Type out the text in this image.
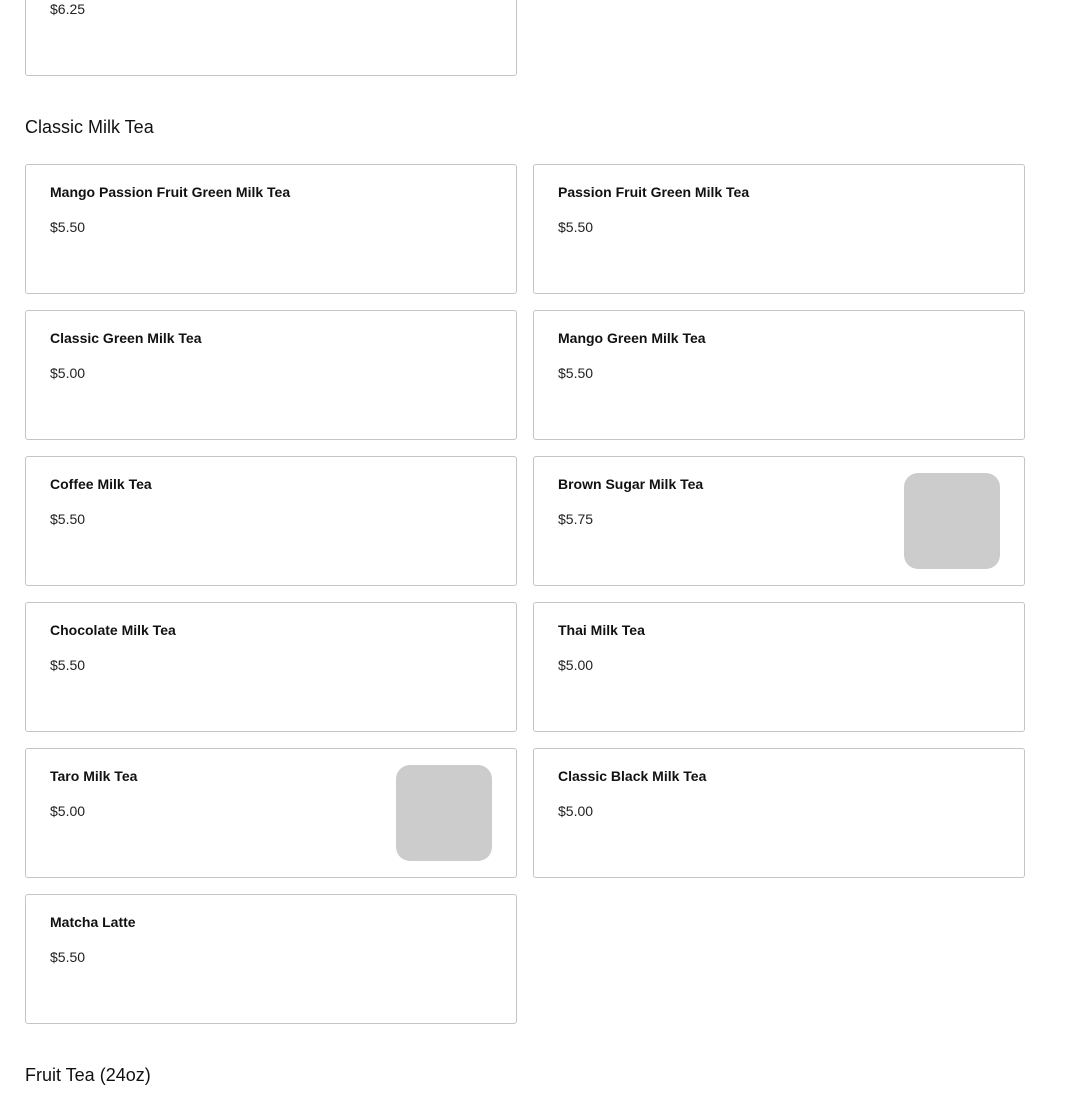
$6.25
Classic Milk Tea
Mango Passion Fruit Green Milk Tea
$5.50
Passion Fruit Green Milk Tea
$5.50
Classic Green Milk Tea
$5.00
Mango Green Milk Tea
$5.50
Coffee Milk Tea
$5.50
Brown Sugar Milk Tea
$5.75
Chocolate Milk Tea
$5.50
Thai Milk Tea
$5.00
Taro Milk Tea
$5.00
Classic Black Milk Tea
$5.00
Matcha Latte
$5.50
Fruit Tea (24oz)
